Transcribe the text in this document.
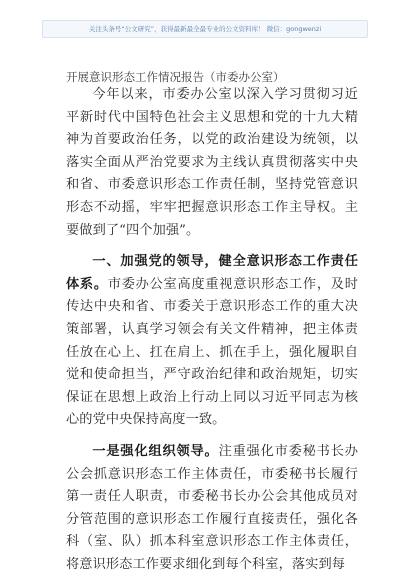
关注头条号“公文研究”，获得最新最全最专业的公文资料库！ 微信：gongwenzi
开展意识形态工作情况报告（市委办公室）

今年以来，市委办公室以深入学习贯彻习近平新时代中国特色社会主义思想和党的十九大精神为首要政治任务，以党的政治建设为统领，以落实全面从严治党要求为主线认真贯彻落实中央和省、市委意识形态工作责任制，坚持党管意识形态不动摇，牢牢把握意识形态工作主导权。主要做到了“四个加强”。

一、加强党的领导，健全意识形态工作责任体系。市委办公室高度重视意识形态工作，及时传达中央和省、市委关于意识形态工作的重大决策部署，认真学习领会有关文件精神，把主体责任放在心上、扛在肩上、抓在手上，强化履职自觉和使命担当，严守政治纪律和政治规矩，切实保证在思想上政治上行动上同以习近平同志为核心的党中央保持高度一致。

一是强化组织领导。注重强化市委秘书长办公会抓意识形态工作主体责任，市委秘书长履行第一责任人职责，市委秘书长办公会其他成员对分管范围的意识形态工作履行直接责任，强化各科（室、队）抓本科室意识形态工作主体责任，将意识形态工作要求细化到每个科室，落实到每
